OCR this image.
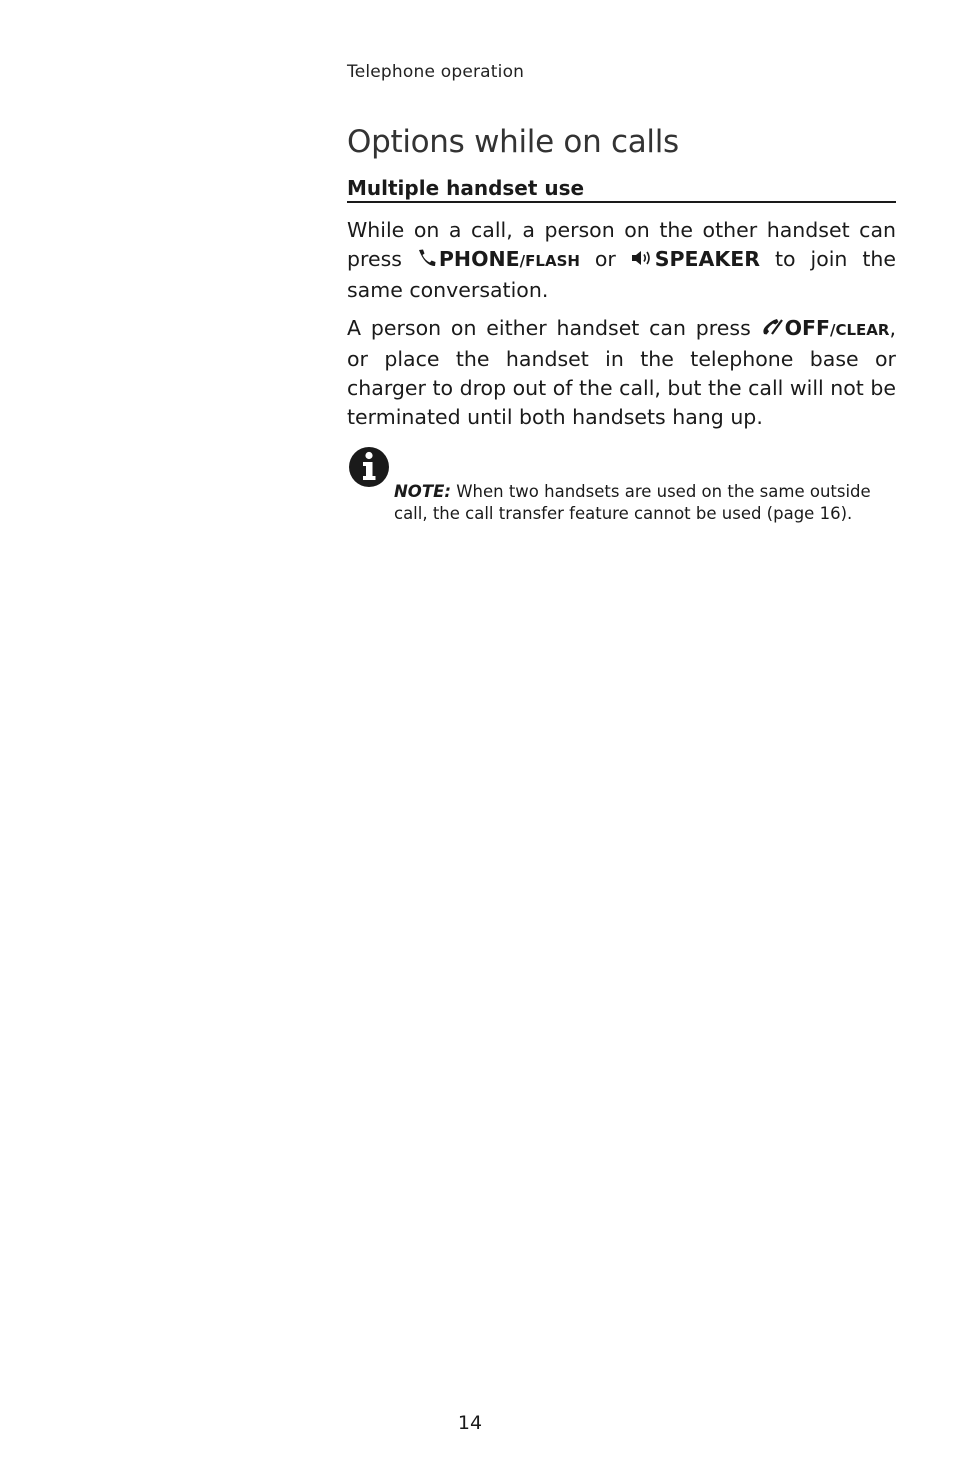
Telephone operation
Options while on calls
Multiple handset use

While on a call, a person on the other handset can press PHONE/FLASH or SPEAKER to join the same conversation.

A person on either handset can press OFF/CLEAR, or place the handset in the telephone base or charger to drop out of the call, but the call will not be terminated until both handsets hang up.

NOTE: When two handsets are used on the same outside call, the call transfer feature cannot be used (page 16).

14
